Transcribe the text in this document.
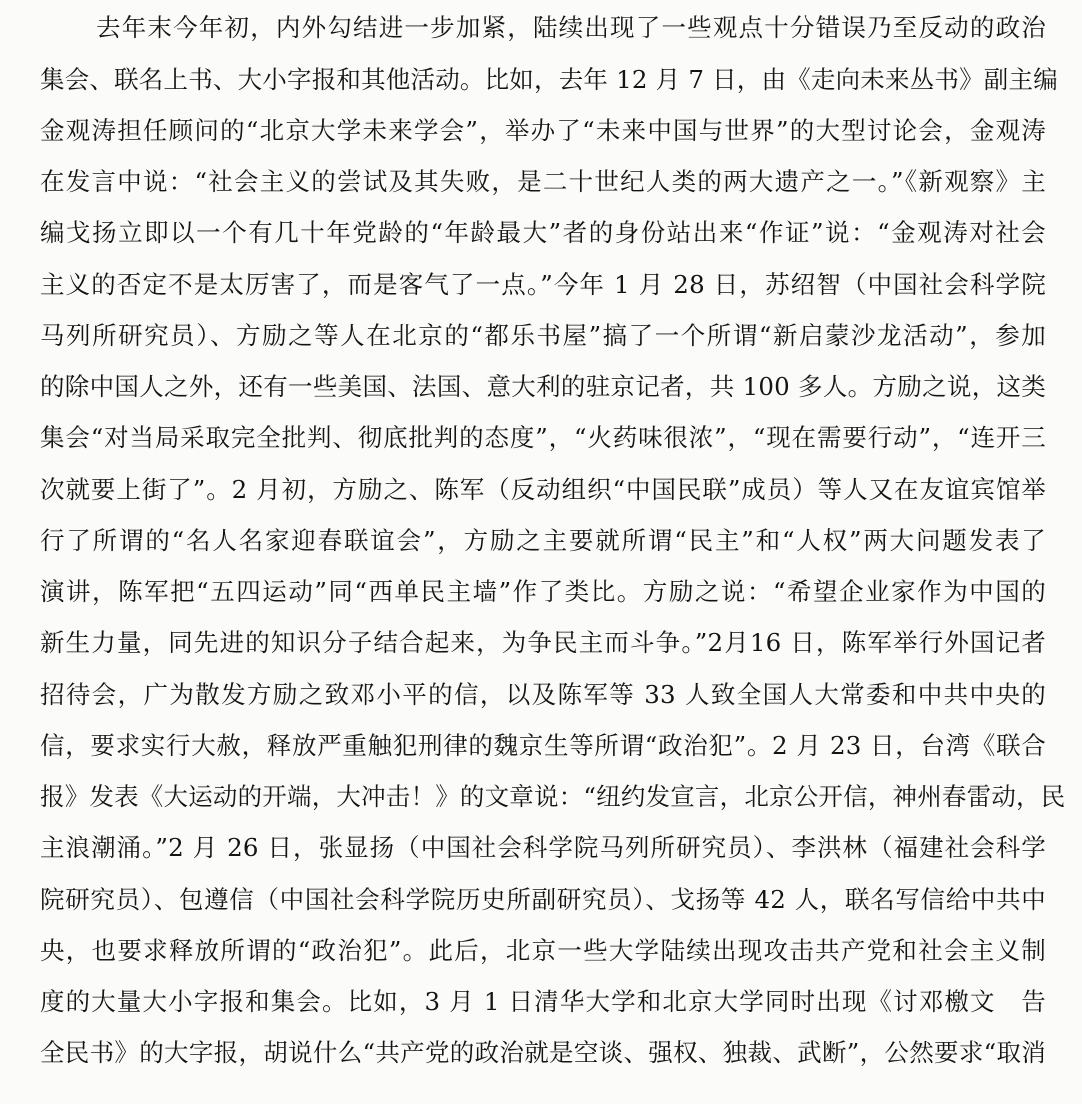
去年末今年初，内外勾结进一步加紧，陆续出现了一些观点十分错误乃至反动的政治
集会、联名上书、大小字报和其他活动。比如，去年 12 月 7 日，由《走向未来丛书》副主编
金观涛担任顾问的“北京大学未来学会”，举办了“未来中国与世界”的大型讨论会，金观涛
在发言中说：“社会主义的尝试及其失败，是二十世纪人类的两大遗产之一。”《新观察》主
编戈扬立即以一个有几十年党龄的“年龄最大”者的身份站出来“作证”说：“金观涛对社会
主义的否定不是太厉害了，而是客气了一点。”今年 1 月 28 日，苏绍智（中国社会科学院
马列所研究员）、方励之等人在北京的“都乐书屋”搞了一个所谓“新启蒙沙龙活动”，参加
的除中国人之外，还有一些美国、法国、意大利的驻京记者，共 100 多人。方励之说，这类
集会“对当局采取完全批判、彻底批判的态度”，“火药味很浓”，“现在需要行动”，“连开三
次就要上街了”。2 月初，方励之、陈军（反动组织“中国民联”成员）等人又在友谊宾馆举
行了所谓的“名人名家迎春联谊会”，方励之主要就所谓“民主”和“人权”两大问题发表了
演讲，陈军把“五四运动”同“西单民主墙”作了类比。方励之说：“希望企业家作为中国的
新生力量，同先进的知识分子结合起来，为争民主而斗争。”2月16 日，陈军举行外国记者
招待会，广为散发方励之致邓小平的信，以及陈军等 33 人致全国人大常委和中共中央的
信，要求实行大赦，释放严重触犯刑律的魏京生等所谓“政治犯”。2 月 23 日，台湾《联合
报》发表《大运动的开端，大冲击！》的文章说：“纽约发宣言，北京公开信，神州春雷动，民
主浪潮涌。”2 月 26 日，张显扬（中国社会科学院马列所研究员）、李洪林（福建社会科学
院研究员）、包遵信（中国社会科学院历史所副研究员）、戈扬等 42 人，联名写信给中共中
央，也要求释放所谓的“政治犯”。此后，北京一些大学陆续出现攻击共产党和社会主义制
度的大量大小字报和集会。比如，3 月 1 日清华大学和北京大学同时出现《讨邓檄文　告
全民书》的大字报，胡说什么“共产党的政治就是空谈、强权、独裁、武断”，公然要求“取消
